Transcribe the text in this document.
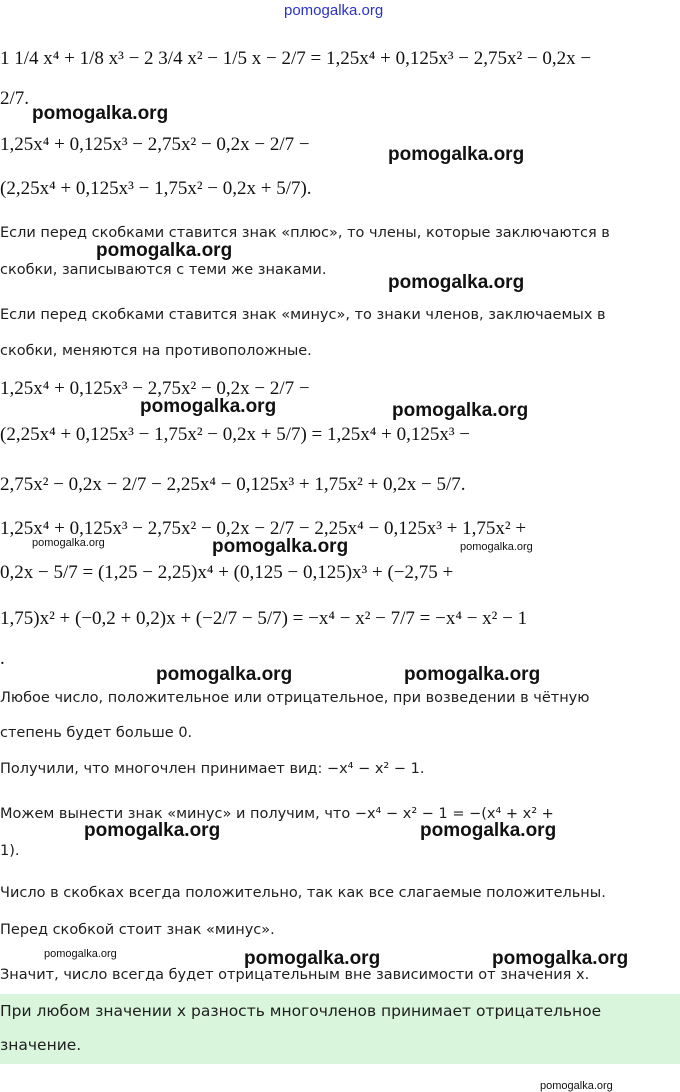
pomogalka.org
1 1/4 x⁴ + 1/8 x³ − 2 3/4 x² − 1/5 x − 2/7 = 1,25x⁴ + 0,125x³ − 2,75x² − 0,2x −
2/7.
1,25x⁴ + 0,125x³ − 2,75x² − 0,2x − 2/7 −
(2,25x⁴ + 0,125x³ − 1,75x² − 0,2x + 5/7).
Если перед скобками ставится знак «плюс», то члены, которые заключаются в
скобки, записываются с теми же знаками.
Если перед скобками ставится знак «минус», то знаки членов, заключаемых в
скобки, меняются на противоположные.
1,25x⁴ + 0,125x³ − 2,75x² − 0,2x − 2/7 −
(2,25x⁴ + 0,125x³ − 1,75x² − 0,2x + 5/7) = 1,25x⁴ + 0,125x³ −
2,75x² − 0,2x − 2/7 − 2,25x⁴ − 0,125x³ + 1,75x² + 0,2x − 5/7.
1,25x⁴ + 0,125x³ − 2,75x² − 0,2x − 2/7 − 2,25x⁴ − 0,125x³ + 1,75x² +
0,2x − 5/7 = (1,25 − 2,25)x⁴ + (0,125 − 0,125)x³ + (−2,75 +
1,75)x² + (−0,2 + 0,2)x + (−2/7 − 5/7) = −x⁴ − x² − 7/7 = −x⁴ − x² − 1
.
Любое число, положительное или отрицательное, при возведении в чётную
степень будет больше 0.
Получили, что многочлен принимает вид: −x⁴ − x² − 1.
Можем вынести знак «минус» и получим, что −x⁴ − x² − 1 = −(x⁴ + x² +
1).
Число в скобках всегда положительно, так как все слагаемые положительны.
Перед скобкой стоит знак «минус».
Значит, число всегда будет отрицательным вне зависимости от значения x.
При любом значении x разность многочленов принимает отрицательное
значение.
pomogalka.org
pomogalka.org
pomogalka.org
pomogalka.org
pomogalka.org	pomogalka.org
pomogalka.org	pomogalka.org	pomogalka.org
pomogalka.org	pomogalka.org
pomogalka.org	pomogalka.org
pomogalka.org	pomogalka.org	pomogalka.org
pomogalka.org
